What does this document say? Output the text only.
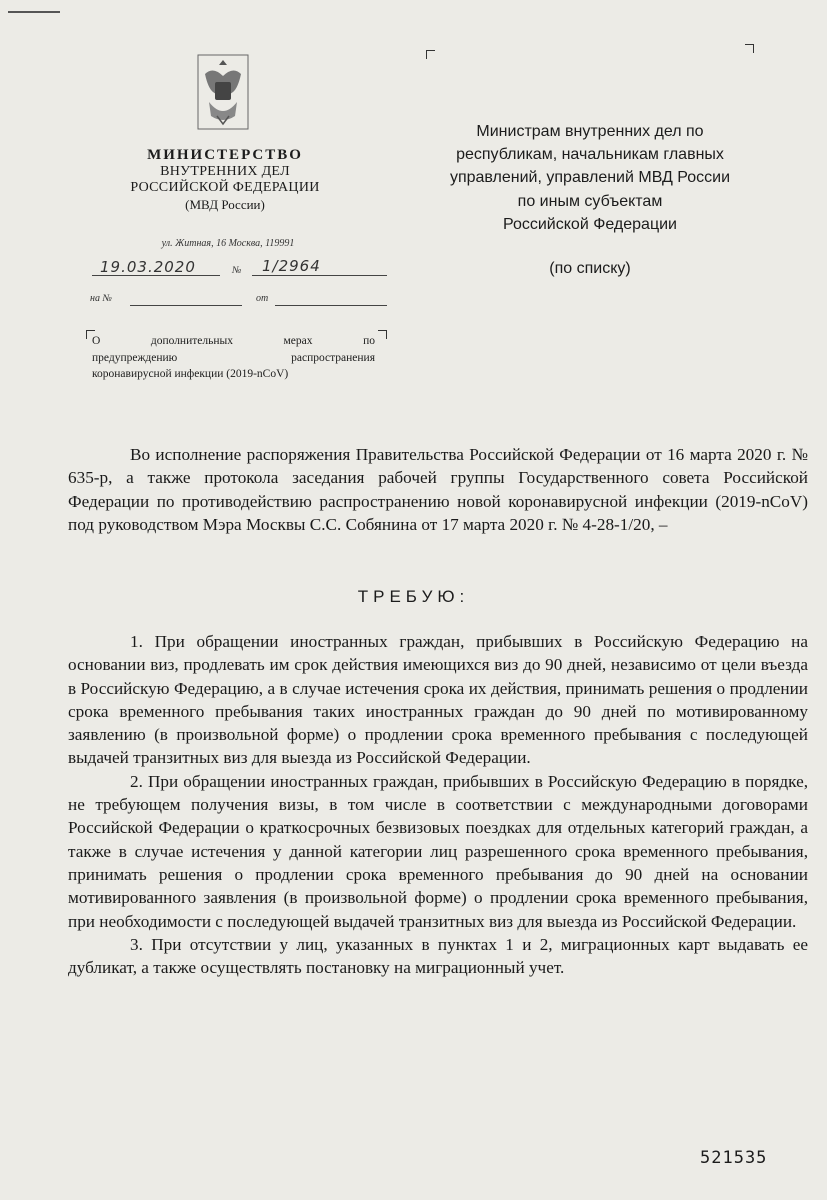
МИНИСТЕРСТВО
ВНУТРЕННИХ ДЕЛ
РОССИЙСКОЙ ФЕДЕРАЦИИ
(МВД России)
ул. Житная, 16 Москва, 119991
19.03.2020	№ 1/2964
на №	от
О	дополнительных	мерах	по
предупреждению	распространения
коронавирусной инфекции (2019-nCoV)
Министрам внутренних дел по
республикам, начальникам главных
управлений, управлений МВД России
по иным субъектам
Российской Федерации
(по списку)

Во исполнение распоряжения Правительства Российской Федерации от 16 марта 2020 г. № 635-р, а также протокола заседания рабочей группы Государственного совета Российской Федерации по противодействию распространению новой коронавирусной инфекции (2019-nCoV) под руководством Мэра Москвы С.С. Собянина от 17 марта 2020 г. № 4-28-1/20, –

ТРЕБУЮ:

1. При обращении иностранных граждан, прибывших в Российскую Федерацию на основании виз, продлевать им срок действия имеющихся виз до 90 дней, независимо от цели въезда в Российскую Федерацию, а в случае истечения срока их действия, принимать решения о продлении срока временного пребывания таких иностранных граждан до 90 дней по мотивированному заявлению (в произвольной форме) о продлении срока временного пребывания с последующей выдачей транзитных виз для выезда из Российской Федерации.

2. При обращении иностранных граждан, прибывших в Российскую Федерацию в порядке, не требующем получения визы, в том числе в соответствии с международными договорами Российской Федерации о краткосрочных безвизовых поездках для отдельных категорий граждан, а также в случае истечения у данной категории лиц разрешенного срока временного пребывания, принимать решения о продлении срока временного пребывания до 90 дней на основании мотивированного заявления (в произвольной форме) о продлении срока временного пребывания, при необходимости с последующей выдачей транзитных виз для выезда из Российской Федерации.

3. При отсутствии у лиц, указанных в пунктах 1 и 2, миграционных карт выдавать ее дубликат, а также осуществлять постановку на миграционный учет.

521535
